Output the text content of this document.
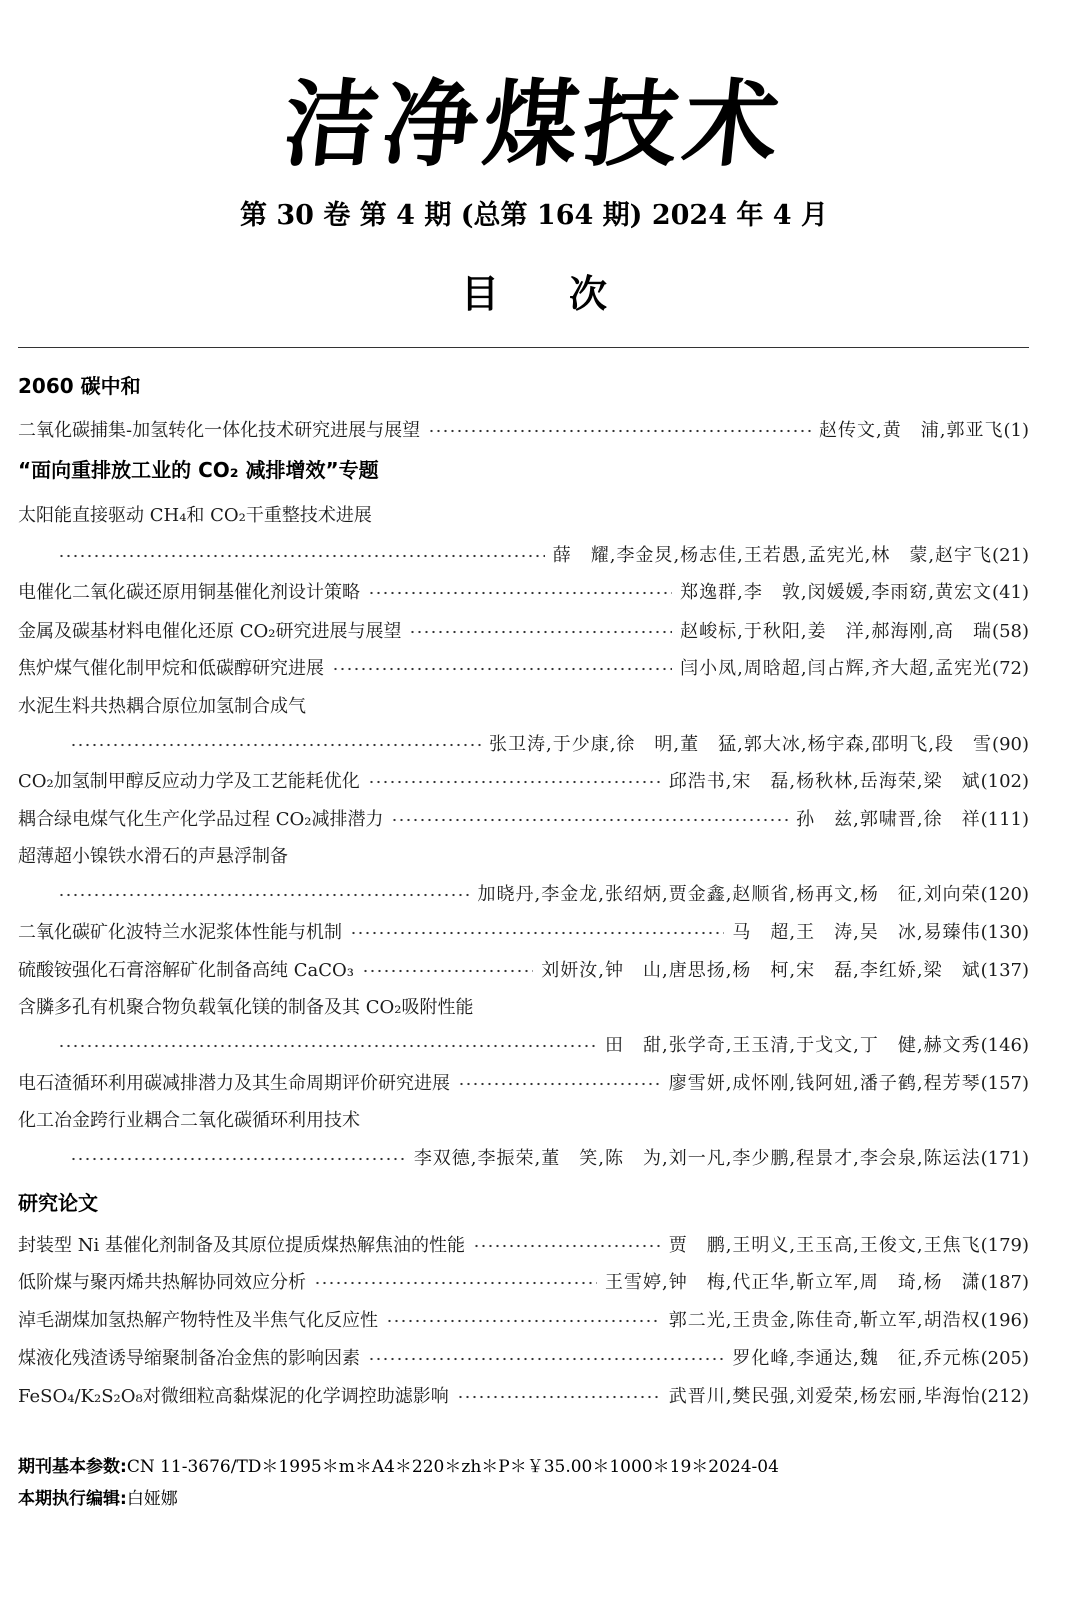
洁净煤技术
第 30 卷 第 4 期 (总第 164 期) 2024 年 4 月
目次
2060 碳中和
二氧化碳捕集-加氢转化一体化技术研究进展与展望	赵传文,黄　浦,郭亚飞 (1)
“面向重排放工业的 CO₂ 减排增效”专题
太阳能直接驱动 CH₄和 CO₂干重整技术进展
薛　耀,李金炅,杨志佳,王若愚,孟宪光,林　蒙,赵宇飞 (21)
电催化二氧化碳还原用铜基催化剂设计策略	郑逸群,李　敦,闵媛媛,李雨窈,黄宏文 (41)
金属及碳基材料电催化还原 CO₂研究进展与展望	赵峻标,于秋阳,姜　洋,郝海刚,高　瑞 (58)
焦炉煤气催化制甲烷和低碳醇研究进展	闫小凤,周晗超,闫占辉,齐大超,孟宪光 (72)
水泥生料共热耦合原位加氢制合成气
张卫涛,于少康,徐　明,董　猛,郭大冰,杨宇森,邵明飞,段　雪 (90)
CO₂加氢制甲醇反应动力学及工艺能耗优化	邱浩书,宋　磊,杨秋林,岳海荣,梁　斌 (102)
耦合绿电煤气化生产化学品过程 CO₂减排潜力	孙　兹,郭啸晋,徐　祥 (111)
超薄超小镍铁水滑石的声悬浮制备
加晓丹,李金龙,张绍炳,贾金鑫,赵顺省,杨再文,杨　征,刘向荣 (120)
二氧化碳矿化波特兰水泥浆体性能与机制	马　超,王　涛,吴　冰,易臻伟 (130)
硫酸铵强化石膏溶解矿化制备高纯 CaCO₃	刘妍汝,钟　山,唐思扬,杨　柯,宋　磊,李红娇,梁　斌 (137)
含膦多孔有机聚合物负载氧化镁的制备及其 CO₂吸附性能
田　甜,张学奇,王玉清,于戈文,丁　健,赫文秀 (146)
电石渣循环利用碳减排潜力及其生命周期评价研究进展	廖雪妍,成怀刚,钱阿妞,潘子鹤,程芳琴 (157)
化工冶金跨行业耦合二氧化碳循环利用技术
李双德,李振荣,董　笑,陈　为,刘一凡,李少鹏,程景才,李会泉,陈运法 (171)
研究论文
封装型 Ni 基催化剂制备及其原位提质煤热解焦油的性能	贾　鹏,王明义,王玉高,王俊文,王焦飞 (179)
低阶煤与聚丙烯共热解协同效应分析	王雪婷,钟　梅,代正华,靳立军,周　琦,杨　潇 (187)
淖毛湖煤加氢热解产物特性及半焦气化反应性	郭二光,王贵金,陈佳奇,靳立军,胡浩权 (196)
煤液化残渣诱导缩聚制备冶金焦的影响因素	罗化峰,李通达,魏　征,乔元栋 (205)
FeSO₄/K₂S₂O₈对微细粒高黏煤泥的化学调控助滤影响	武晋川,樊民强,刘爱荣,杨宏丽,毕海怡 (212)
期刊基本参数:CN 11-3676/TD＊1995＊m＊A4＊220＊zh＊P＊￥35.00＊1000＊19＊2024-04
本期执行编辑:白娅娜
